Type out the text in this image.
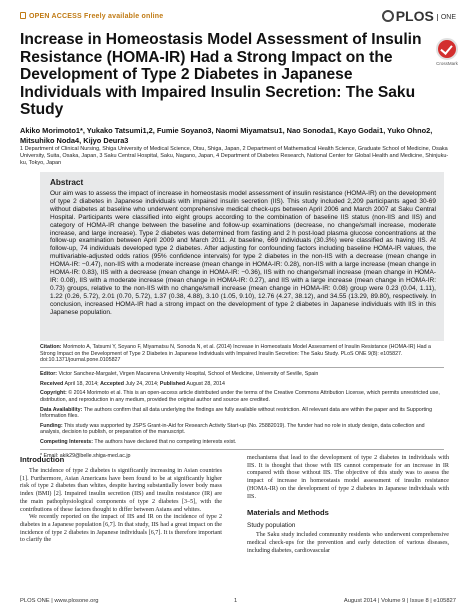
OPEN ACCESS Freely available online	PLOS ONE
Increase in Homeostasis Model Assessment of Insulin Resistance (HOMA-IR) Had a Strong Impact on the Development of Type 2 Diabetes in Japanese Individuals with Impaired Insulin Secretion: The Saku Study
CrossMark
Akiko Morimoto1*, Yukako Tatsumi1,2, Fumie Soyano3, Naomi Miyamatsu1, Nao Sonoda1, Kayo Godai1, Yuko Ohno2, Mitsuhiko Noda4, Kijyo Deura3
1 Department of Clinical Nursing, Shiga University of Medical Science, Otsu, Shiga, Japan, 2 Department of Mathematical Health Science, Graduate School of Medicine, Osaka University, Suita, Osaka, Japan, 3 Saku Central Hospital, Saku, Nagano, Japan, 4 Department of Diabetes Research, National Center for Global Health and Medicine, Shinjuku-ku, Tokyo, Japan
Abstract

Our aim was to assess the impact of increase in homeostasis model assessment of insulin resistance (HOMA-IR) on the development of type 2 diabetes in Japanese individuals with impaired insulin secretion (IIS). This study included 2,209 participants aged 30-69 without diabetes at baseline who underwent comprehensive medical check-ups between April 2006 and March 2007 at Saku Central Hospital. Participants were classified into eight groups according to the combination of baseline IIS status (non-IIS and IIS) and category of HOMA-IR change between the baseline and follow-up examinations (decrease, no change/small increase, moderate increase, and large increase). Type 2 diabetes was determined from fasting and 2 h post-load plasma glucose concentrations at the follow-up examination between April 2009 and March 2011. At baseline, 669 individuals (30.3%) were classified as having IIS. At follow-up, 74 individuals developed type 2 diabetes. After adjusting for confounding factors including baseline HOMA-IR values, the multivariable-adjusted odds ratios (95% confidence intervals) for type 2 diabetes in the non-IIS with a decrease (mean change in HOMA-IR: −0.47), non-IIS with a moderate increase (mean change in HOMA-IR: 0.28), non-IIS with a large increase (mean change in HOMA-IR: 0.83), IIS with a decrease (mean change in HOMA-IR: −0.36), IIS with no change/small increase (mean change in HOMA-IR: 0.08), IIS with a moderate increase (mean change in HOMA-IR: 0.27), and IIS with a large increase (mean change in HOMA-IR: 0.73) groups, relative to the non-IIS with no change/small increase (mean change in HOMA-IR: 0.08) group were 0.23 (0.04, 1.11), 1.22 (0.26, 5.72), 2.01 (0.70, 5.72), 1.37 (0.38, 4.88), 3.10 (1.05, 9.10), 12.76 (4.27, 38.12), and 34.55 (13.29, 89.80), respectively. In conclusion, increased HOMA-IR had a strong impact on the development of type 2 diabetes in Japanese individuals with IIS in this Japanese population.

Citation: Morimoto A, Tatsumi Y, Soyano F, Miyamatsu N, Sonoda N, et al. (2014) Increase in Homeostasis Model Assessment of Insulin Resistance (HOMA-IR) Had a Strong Impact on the Development of Type 2 Diabetes in Japanese Individuals with Impaired Insulin Secretion: The Saku Study. PLoS ONE 9(8): e105827. doi:10.1371/journal.pone.0105827

Editor: Victor Sanchez-Margalet, Virgen Macarena University Hospital, School of Medicine, University of Seville, Spain

Received April 18, 2014; Accepted July 24, 2014; Published August 28, 2014

Copyright: © 2014 Morimoto et al. This is an open-access article distributed under the terms of the Creative Commons Attribution License, which permits unrestricted use, distribution, and reproduction in any medium, provided the original author and source are credited.

Data Availability: The authors confirm that all data underlying the findings are fully available without restriction. All relevant data are within the paper and its Supporting Information files.

Funding: This study was supported by JSPS Grant-in-Aid for Research Activity Start-up (No. 25882019). The funder had no role in study design, data collection and analysis, decision to publish, or preparation of the manuscript.

Competing Interests: The authors have declared that no competing interests exist.

* Email: akik29@belle.shiga-med.ac.jp

Introduction

The incidence of type 2 diabetes is significantly increasing in Asian countries [1]. Furthermore, Asian Americans have been found to be at significantly higher risk of type 2 diabetes than whites, despite having substantially lower body mass index (BMI) [2]. Impaired insulin secretion (IIS) and insulin resistance (IR) are the main pathophysiological components of type 2 diabetes [3–5], with the contributions of these factors thought to differ between Asians and whites.

We recently reported on the impact of IIS and IR on the incidence of type 2 diabetes in a Japanese population [6,7]. In that study, IIS had a great impact on the incidence of type 2 diabetes in Japanese individuals [6,7]. It is therefore important to clarify the

mechanisms that lead to the development of type 2 diabetes in individuals with IIS. It is thought that those with IIS cannot compensate for an increase in IR compared with those without IIS. The objective of this study was to assess the impact of increase in homeostasis model assessment of insulin resistance (HOMA-IR) on the development of type 2 diabetes in Japanese individuals with IIS.

Materials and Methods
Study population

The Saku study included community residents who underwent comprehensive medical check-ups for the prevention and early detection of various diseases, including diabetes, cardiovascular

PLOS ONE | www.plosone.org	1	August 2014 | Volume 9 | Issue 8 | e105827
